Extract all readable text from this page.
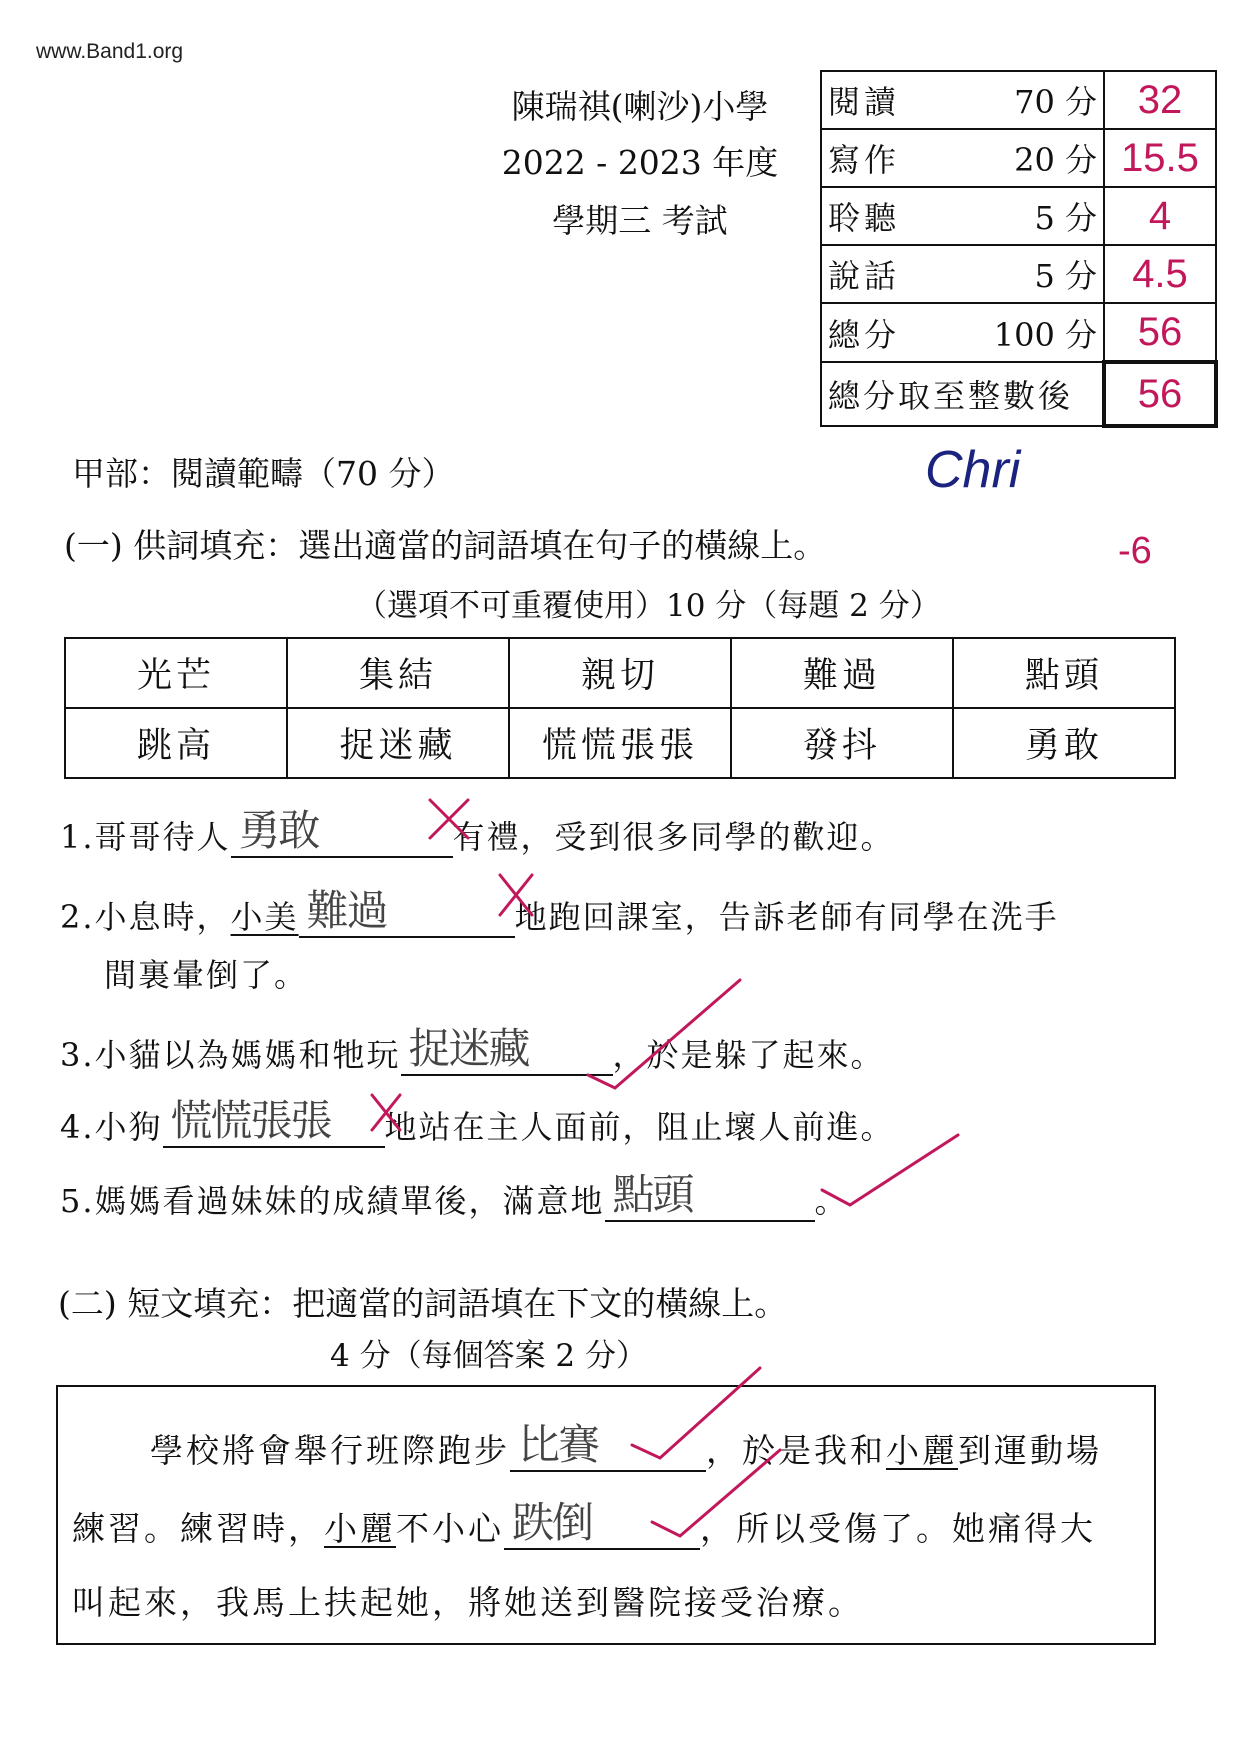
www.Band1.org
陳瑞祺(喇沙)小學
2022 - 2023 年度
學期三 考試
閱讀 70 分	32

寫作 20 分	15.5

聆聽 5 分	4

說話 5 分	4.5

總分 100 分	56
總分取至整數後	56
甲部：閱讀範疇（70 分）	Chri
(一) 供詞填充：選出適當的詞語填在句子的橫線上。
（選項不可重覆使用）10 分（每題 2 分）
-6
光芒	集結	親切	難過	點頭
跳高	捉迷藏	慌慌張張	發抖	勇敢
1.哥哥待人 勇敢	有禮，受到很多同學的歡迎。
2.小息時，小美 難過	地跑回課室，告訴老師有同學在洗手
間裏暈倒了。
3.小貓以為媽媽和牠玩 捉迷藏	，於是躲了起來。
4.小狗 慌慌張張 地站在主人面前，阻止壞人前進。
5.媽媽看過妹妹的成績單後，滿意地 點頭	。
(二) 短文填充：把適當的詞語填在下文的橫線上。
4 分（每個答案 2 分）
學校將會舉行班際跑步 比賽	，於是我和小麗到運動場
練習。練習時，小麗不小心 跌倒	，所以受傷了。她痛得大
叫起來，我馬上扶起她，將她送到醫院接受治療。
